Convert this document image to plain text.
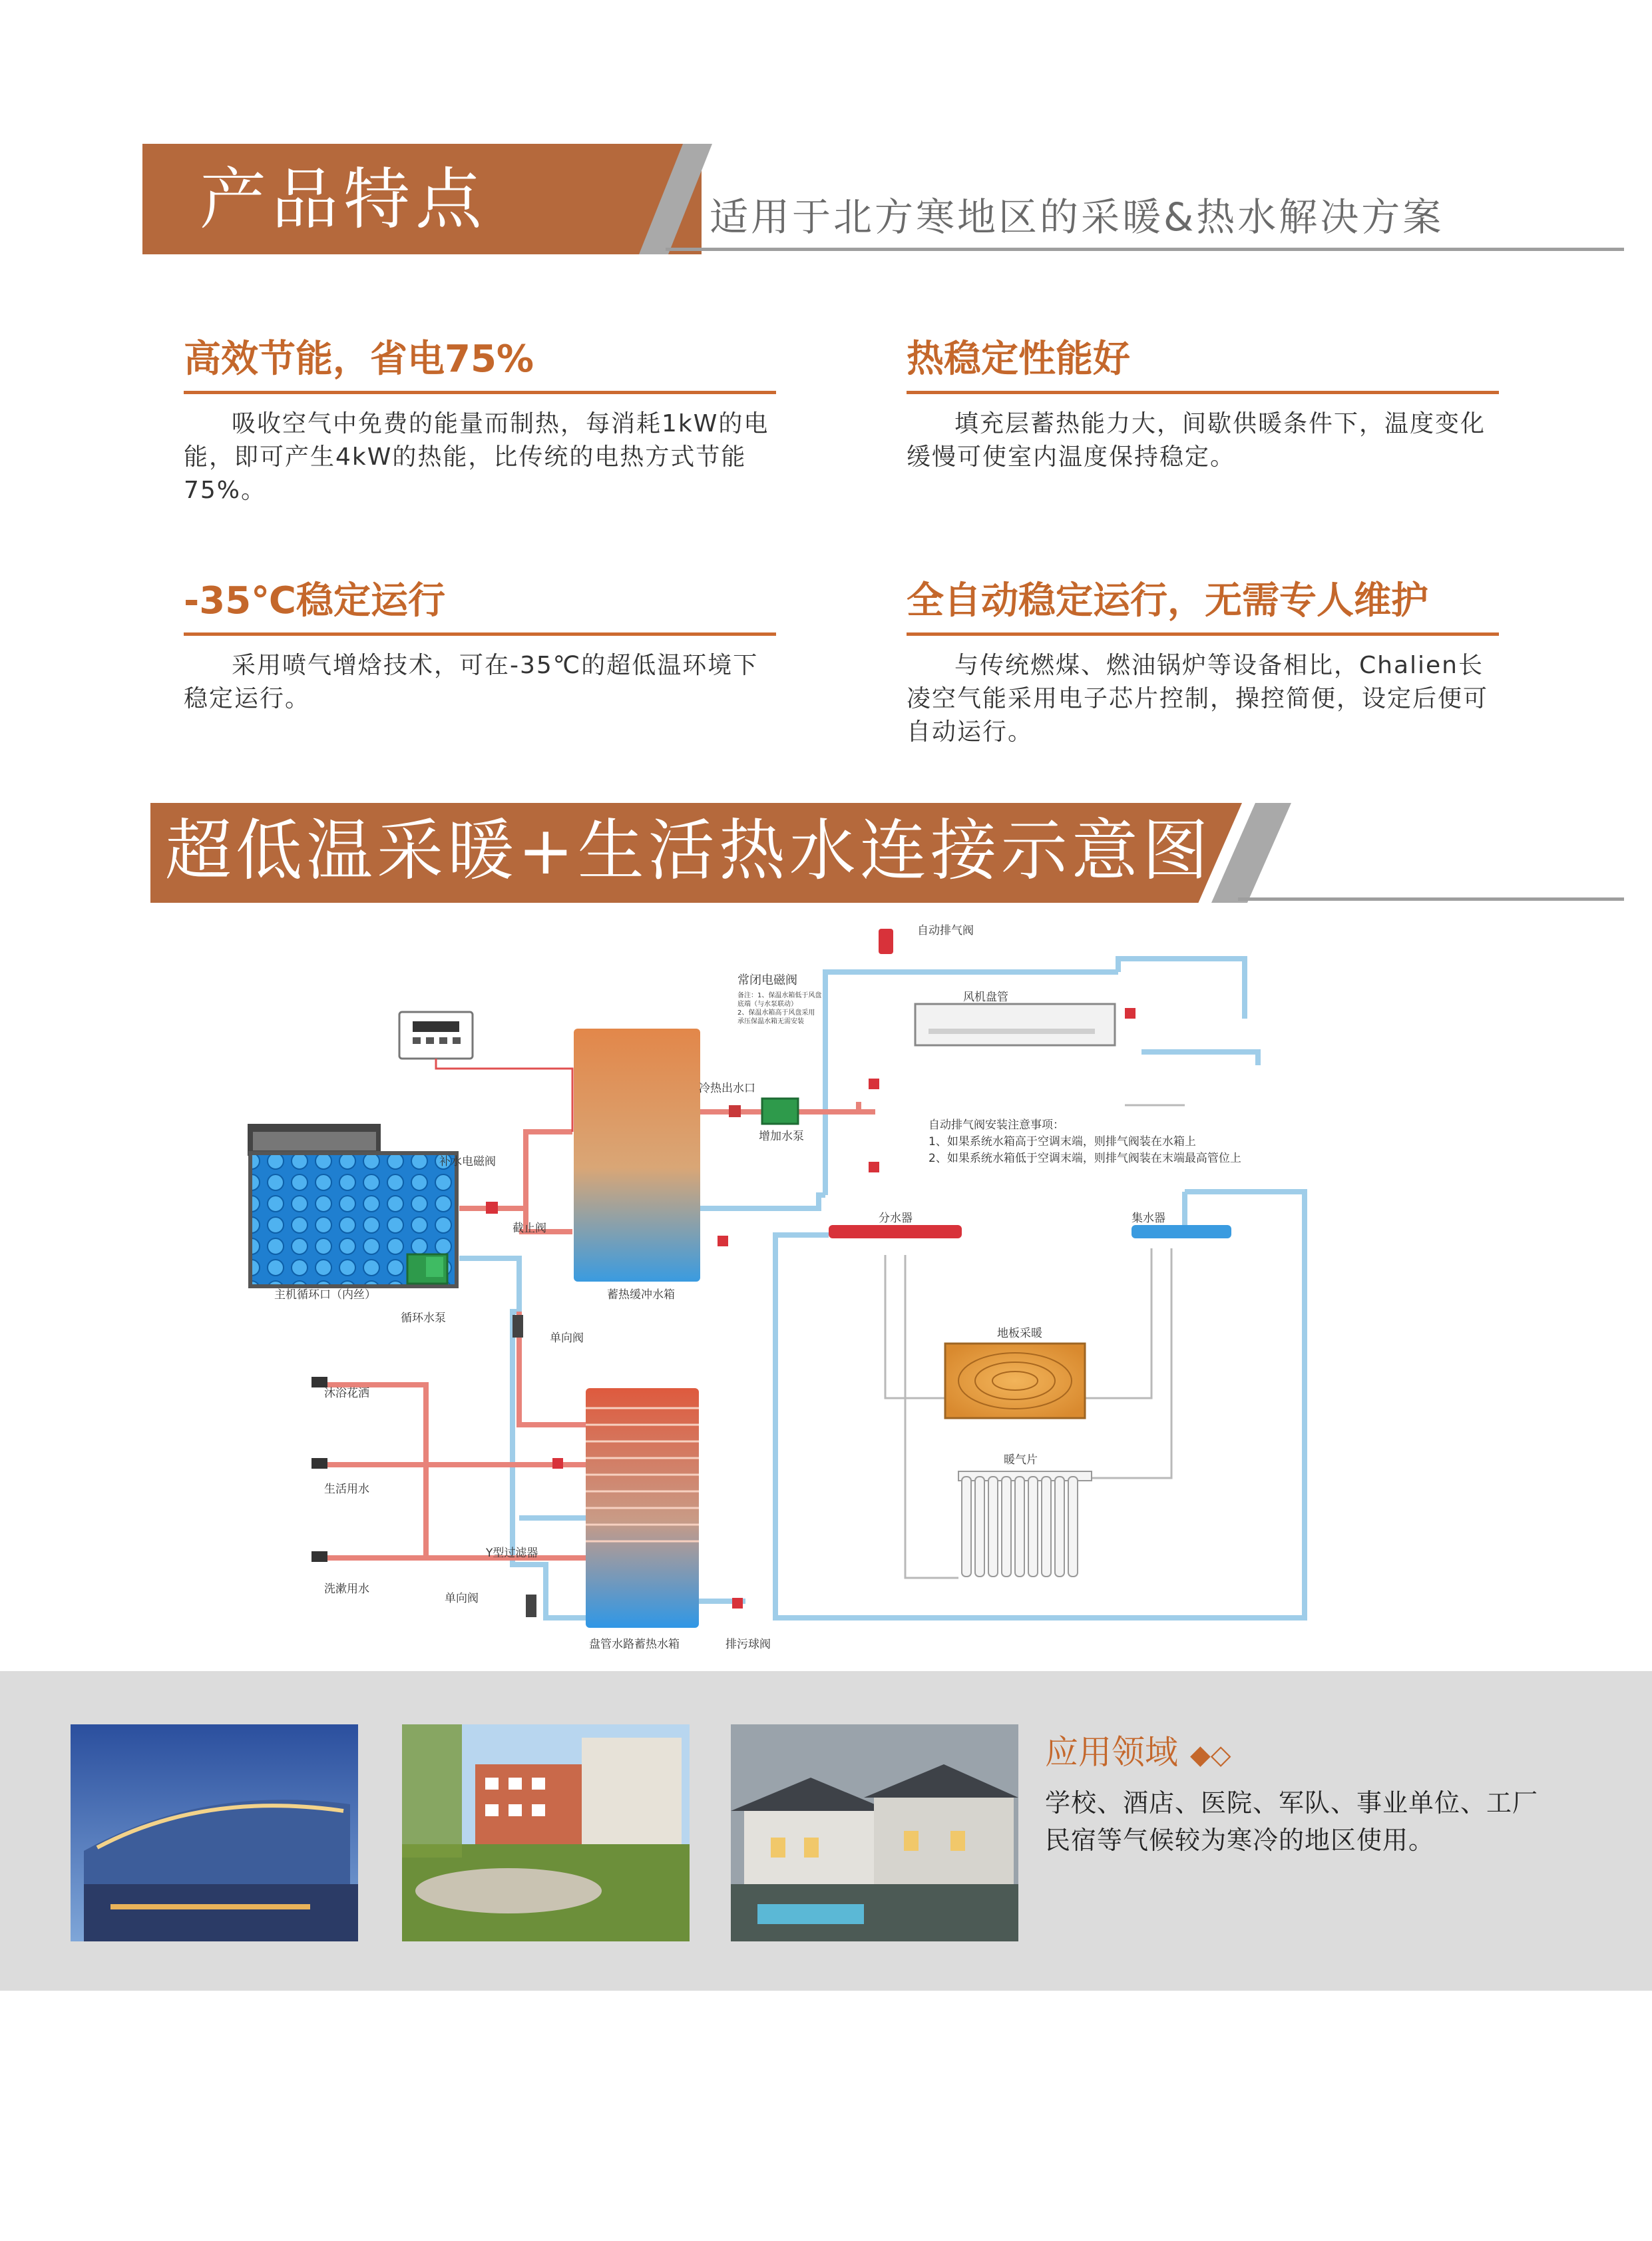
产品特点	适用于北方寒地区的采暖&热水解决方案
高效节能，省电75%
吸收空气中免费的能量而制热，每消耗1kW的电能，即可产生4kW的热能，比传统的电热方式节能75%。
热稳定性能好
填充层蓄热能力大，间歇供暖条件下，温度变化缓慢可使室内温度保持稳定。
-35℃稳定运行
采用喷气增焓技术，可在-35℃的超低温环境下稳定运行。
全自动稳定运行，无需专人维护
与传统燃煤、燃油锅炉等设备相比，Chalien长凌空气能采用电子芯片控制，操控简便，设定后便可自动运行。
超低温采暖+生活热水连接示意图
自动排气阀
常闭电磁阀
备注：1、保温水箱低于风盘
底端（与水泵联动）
2、保温水箱高于风盘采用
承压保温水箱无需安装
风机盘管
冷热出水口
增加水泵
补水电磁阀
截止阀
蓄热缓冲水箱
主机循环口（内丝）
循环水泵
单向阀
自动排气阀安装注意事项：
1、如果系统水箱高于空调末端，则排气阀装在水箱上
2、如果系统水箱低于空调末端，则排气阀装在末端最高管位上
分水器	集水器
地板采暖
暖气片
沐浴花洒
生活用水
洗漱用水
Y型过滤器
单向阀
盘管水路蓄热水箱	排污球阀
应用领域 ◆◇
学校、酒店、医院、军队、事业单位、工厂
民宿等气候较为寒冷的地区使用。
